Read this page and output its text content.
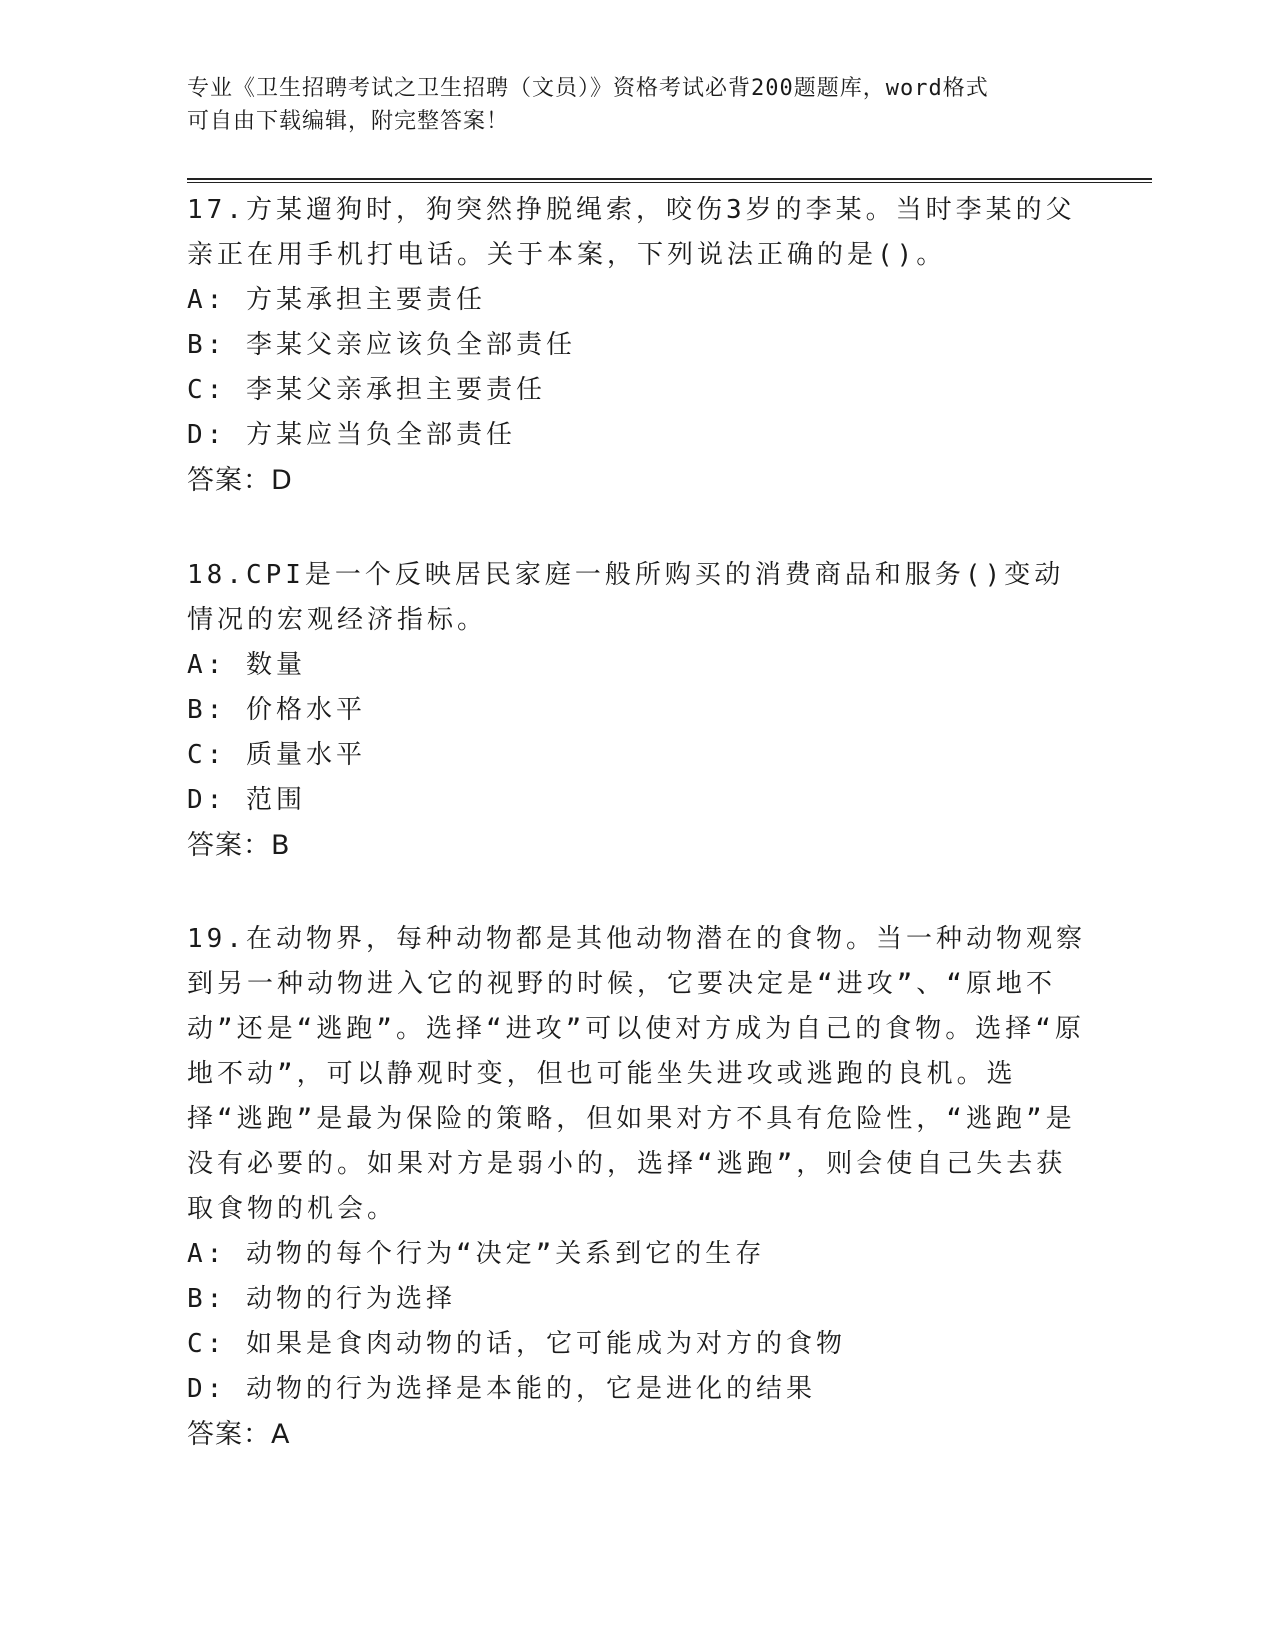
专业《卫生招聘考试之卫生招聘（文员）》资格考试必背200题题库，word格式
可自由下载编辑，附完整答案！
17.方某遛狗时，狗突然挣脱绳索，咬伤3岁的李某。当时李某的父亲正在用手机打电话。关于本案，下列说法正确的是()。
A: 方某承担主要责任
B: 李某父亲应该负全部责任
C: 李某父亲承担主要责任
D: 方某应当负全部责任
答案：D
18.CPI是一个反映居民家庭一般所购买的消费商品和服务()变动情况的宏观经济指标。
A: 数量
B: 价格水平
C: 质量水平
D: 范围
答案：B
19.在动物界，每种动物都是其他动物潜在的食物。当一种动物观察到另一种动物进入它的视野的时候，它要决定是“进攻”、“原地不动”还是“逃跑”。选择“进攻”可以使对方成为自己的食物。选择“原地不动”，可以静观时变，但也可能坐失进攻或逃跑的良机。选择“逃跑”是最为保险的策略，但如果对方不具有危险性，“逃跑”是没有必要的。如果对方是弱小的，选择“逃跑”，则会使自己失去获取食物的机会。
A: 动物的每个行为“决定”关系到它的生存
B: 动物的行为选择
C: 如果是食肉动物的话，它可能成为对方的食物
D: 动物的行为选择是本能的，它是进化的结果
答案：A
